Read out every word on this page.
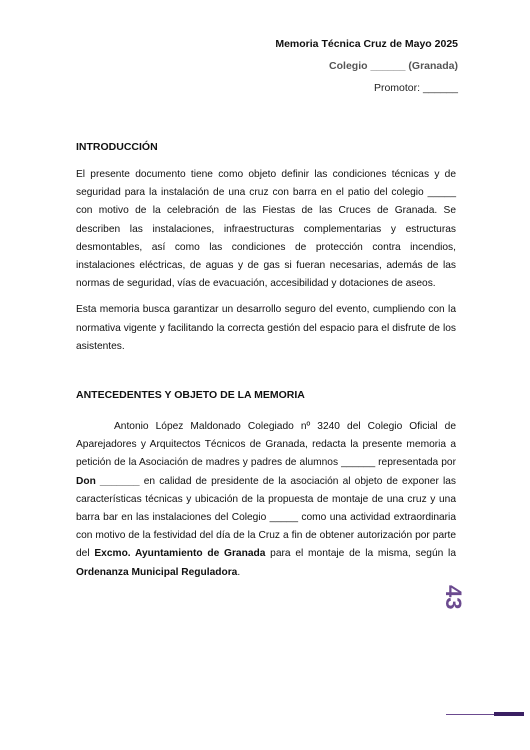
Memoria Técnica Cruz de Mayo 2025
Colegio ______ (Granada)
Promotor: ______

INTRODUCCIÓN

El presente documento tiene como objeto definir las condiciones técnicas y de seguridad para la instalación de una cruz con barra en el patio del colegio _____ con motivo de la celebración de las Fiestas de las Cruces de Granada. Se describen las instalaciones, infraestructuras complementarias y estructuras desmontables, así como las condiciones de protección contra incendios, instalaciones eléctricas, de aguas y de gas si fueran necesarias, además de las normas de seguridad, vías de evacuación, accesibilidad y dotaciones de aseos.

Esta memoria busca garantizar un desarrollo seguro del evento, cumpliendo con la normativa vigente y facilitando la correcta gestión del espacio para el disfrute de los asistentes.

ANTECEDENTES Y OBJETO DE LA MEMORIA

Antonio López Maldonado Colegiado nº 3240 del Colegio Oficial de Aparejadores y Arquitectos Técnicos de Granada, redacta la presente memoria a petición de la Asociación de madres y padres de alumnos ______ representada por Don _______ en calidad de presidente de la asociación al objeto de exponer las características técnicas y ubicación de la propuesta de montaje de una cruz y una barra bar en las instalaciones del Colegio _____ como una actividad extraordinaria con motivo de la festividad del día de la Cruz a fin de obtener autorización por parte del Excmo. Ayuntamiento de Granada para el montaje de la misma, según la Ordenanza Municipal Reguladora.

43
